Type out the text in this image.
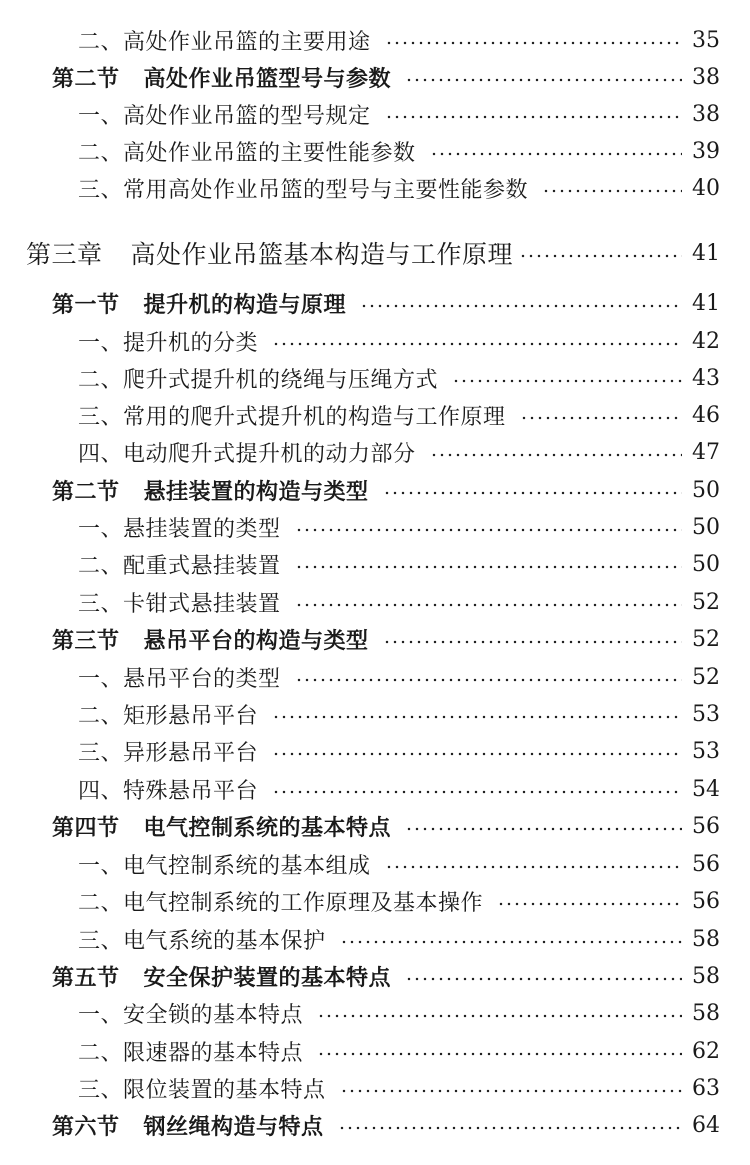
二、高处作业吊篮的主要用途	35
第二节 高处作业吊篮型号与参数	38
一、高处作业吊篮的型号规定	38
二、高处作业吊篮的主要性能参数	39
三、常用高处作业吊篮的型号与主要性能参数	40
第三章 高处作业吊篮基本构造与工作原理	41
第一节 提升机的构造与原理	41
一、提升机的分类	42
二、爬升式提升机的绕绳与压绳方式	43
三、常用的爬升式提升机的构造与工作原理	46
四、电动爬升式提升机的动力部分	47
第二节 悬挂装置的构造与类型	50
一、悬挂装置的类型	50
二、配重式悬挂装置	50
三、卡钳式悬挂装置	52
第三节 悬吊平台的构造与类型	52
一、悬吊平台的类型	52
二、矩形悬吊平台	53
三、异形悬吊平台	53
四、特殊悬吊平台	54
第四节 电气控制系统的基本特点	56
一、电气控制系统的基本组成	56
二、电气控制系统的工作原理及基本操作	56
三、电气系统的基本保护	58
第五节 安全保护装置的基本特点	58
一、安全锁的基本特点	58
二、限速器的基本特点	62
三、限位装置的基本特点	63
第六节 钢丝绳构造与特点	64
